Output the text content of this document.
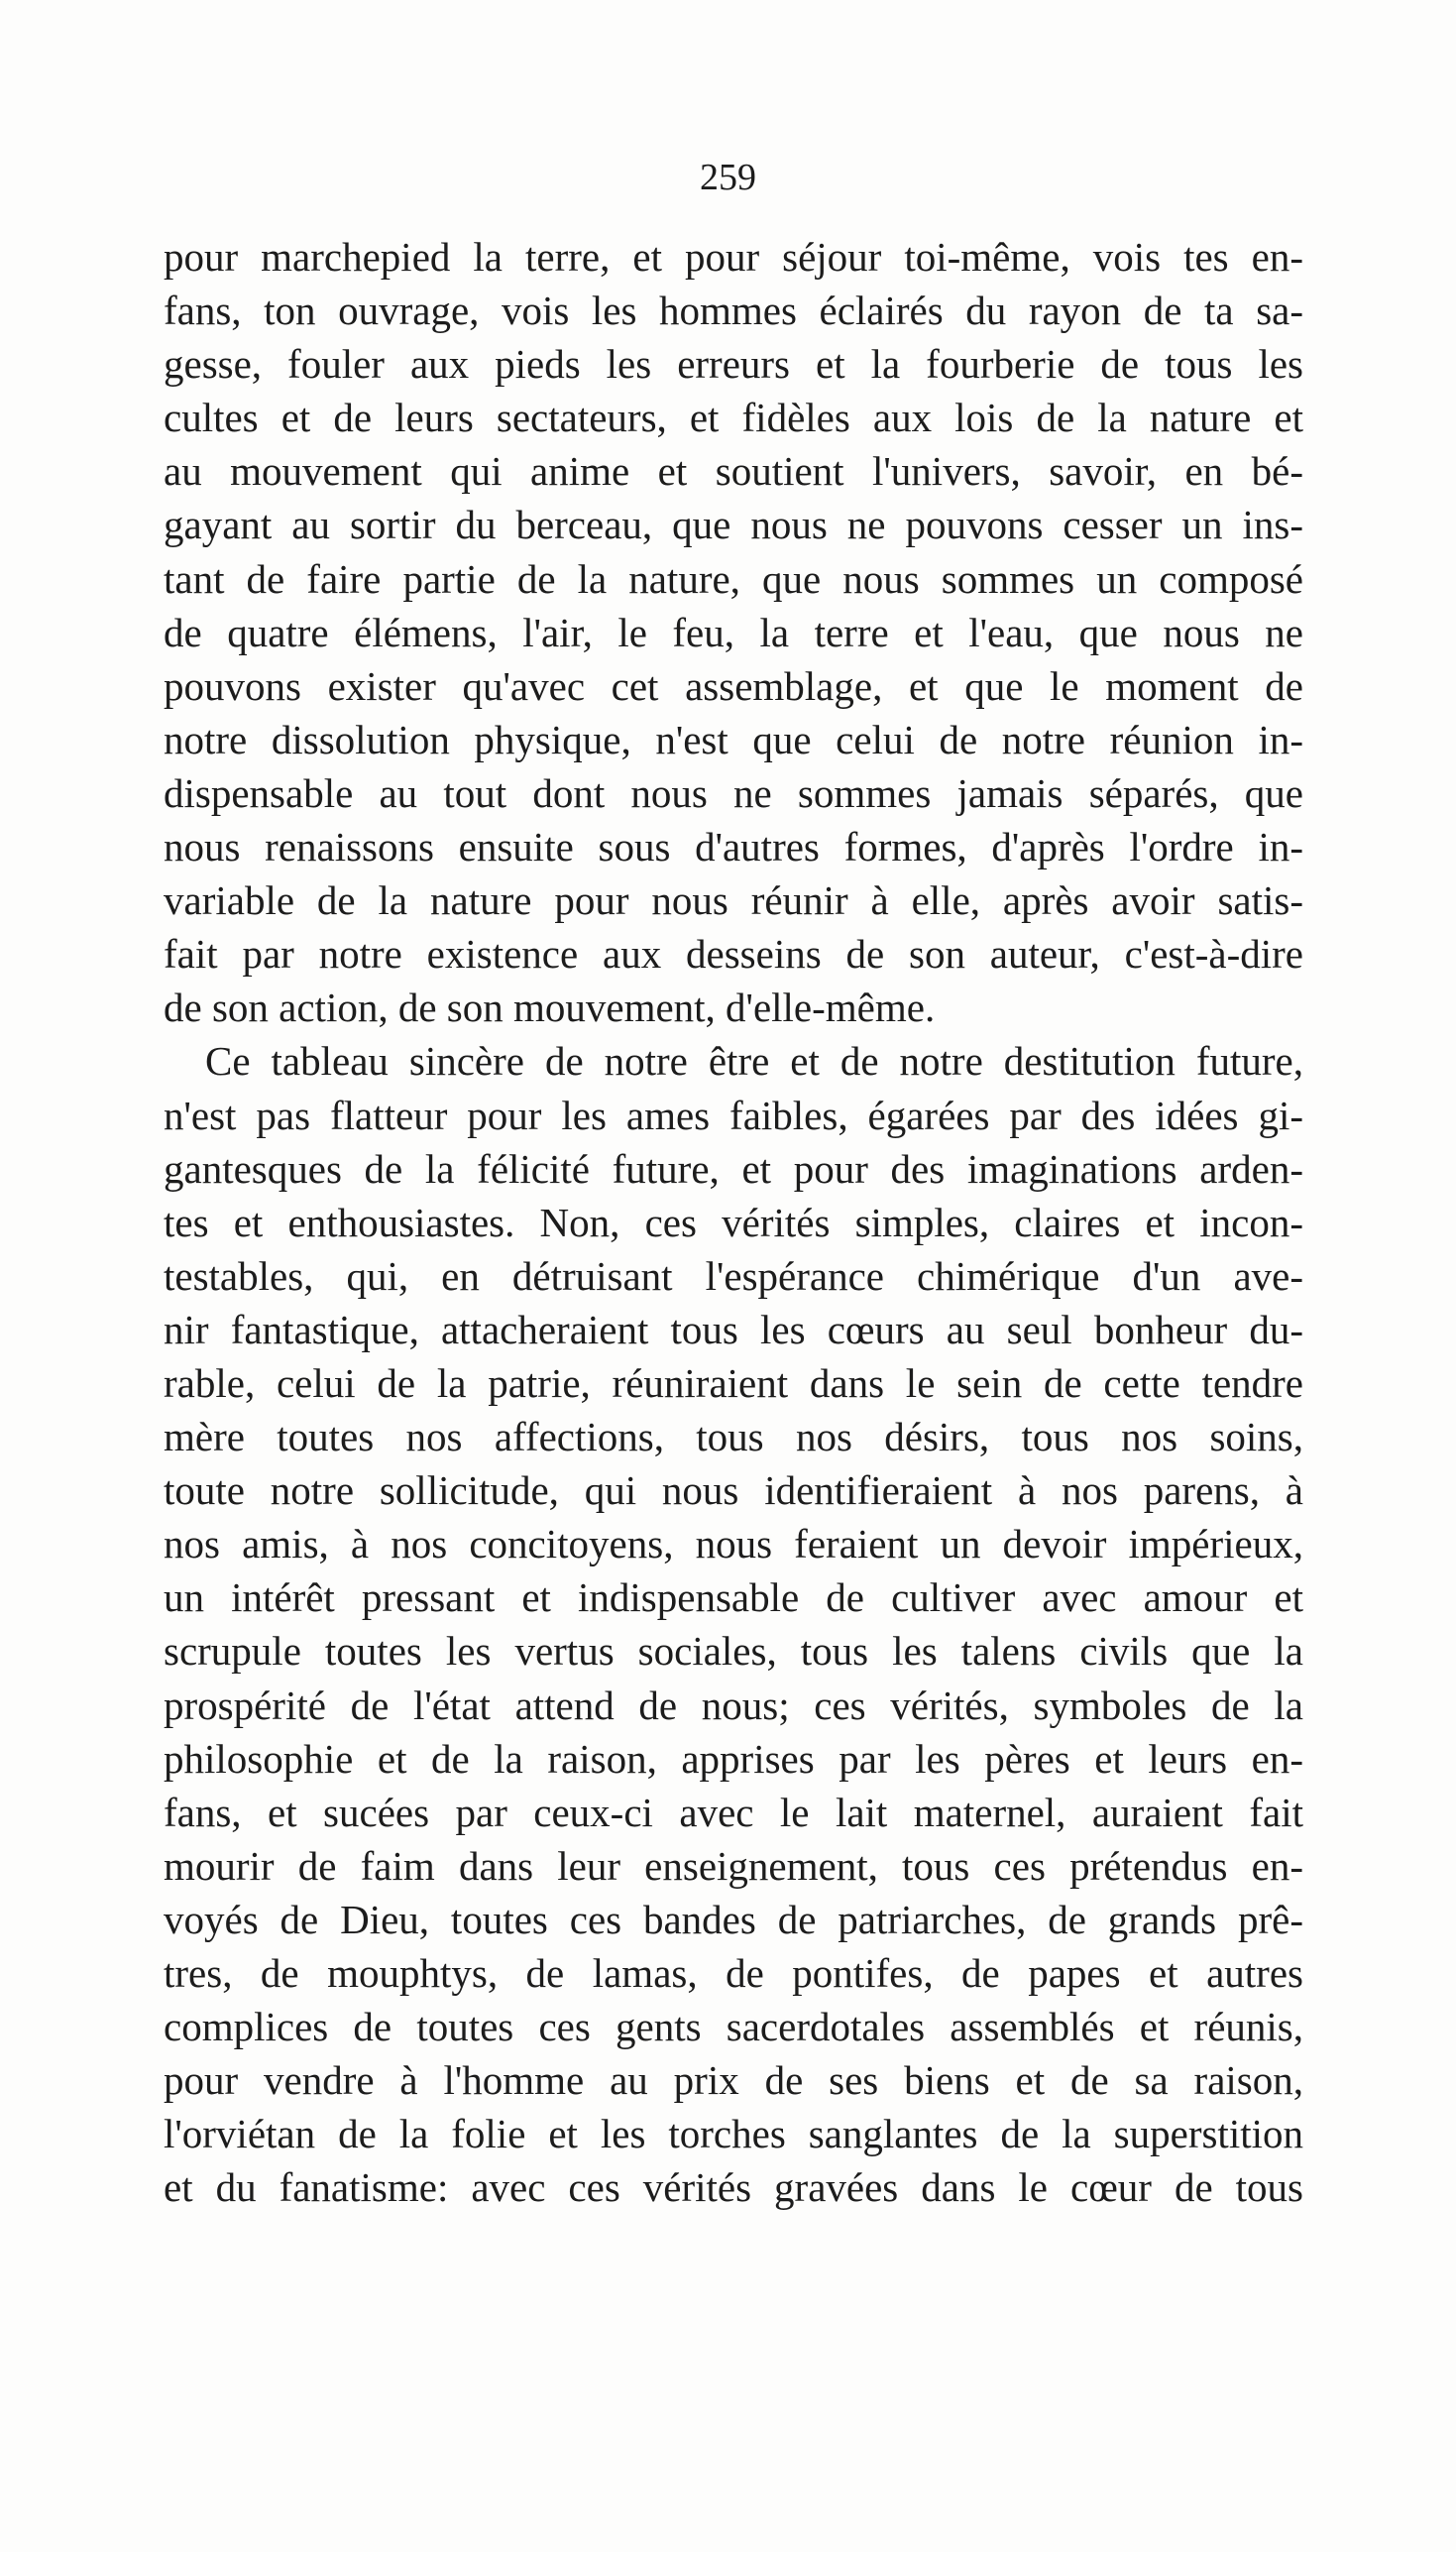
259
pour marchepied la terre, et pour séjour toi-même, vois tes en-
fans, ton ouvrage, vois les hommes éclairés du rayon de ta sa-
gesse, fouler aux pieds les erreurs et la fourberie de tous les
cultes et de leurs sectateurs, et fidèles aux lois de la nature et
au mouvement qui anime et soutient l'univers, savoir, en bé-
gayant au sortir du berceau, que nous ne pouvons cesser un ins-
tant de faire partie de la nature, que nous sommes un composé
de quatre élémens, l'air, le feu, la terre et l'eau, que nous ne
pouvons exister qu'avec cet assemblage, et que le moment de
notre dissolution physique, n'est que celui de notre réunion in-
dispensable au tout dont nous ne sommes jamais séparés, que
nous renaissons ensuite sous d'autres formes, d'après l'ordre in-
variable de la nature pour nous réunir à elle, après avoir satis-
fait par notre existence aux desseins de son auteur, c'est-à-dire
de son action, de son mouvement, d'elle-même.
Ce tableau sincère de notre être et de notre destitution future,
n'est pas flatteur pour les ames faibles, égarées par des idées gi-
gantesques de la félicité future, et pour des imaginations arden-
tes et enthousiastes. Non, ces vérités simples, claires et incon-
testables, qui, en détruisant l'espérance chimérique d'un ave-
nir fantastique, attacheraient tous les cœurs au seul bonheur du-
rable, celui de la patrie, réuniraient dans le sein de cette tendre
mère toutes nos affections, tous nos désirs, tous nos soins,
toute notre sollicitude, qui nous identifieraient à nos parens, à
nos amis, à nos concitoyens, nous feraient un devoir impérieux,
un intérêt pressant et indispensable de cultiver avec amour et
scrupule toutes les vertus sociales, tous les talens civils que la
prospérité de l'état attend de nous; ces vérités, symboles de la
philosophie et de la raison, apprises par les pères et leurs en-
fans, et sucées par ceux-ci avec le lait maternel, auraient fait
mourir de faim dans leur enseignement, tous ces prétendus en-
voyés de Dieu, toutes ces bandes de patriarches, de grands prê-
tres, de mouphtys, de lamas, de pontifes, de papes et autres
complices de toutes ces gents sacerdotales assemblés et réunis,
pour vendre à l'homme au prix de ses biens et de sa raison,
l'orviétan de la folie et les torches sanglantes de la superstition
et du fanatisme: avec ces vérités gravées dans le cœur de tous
